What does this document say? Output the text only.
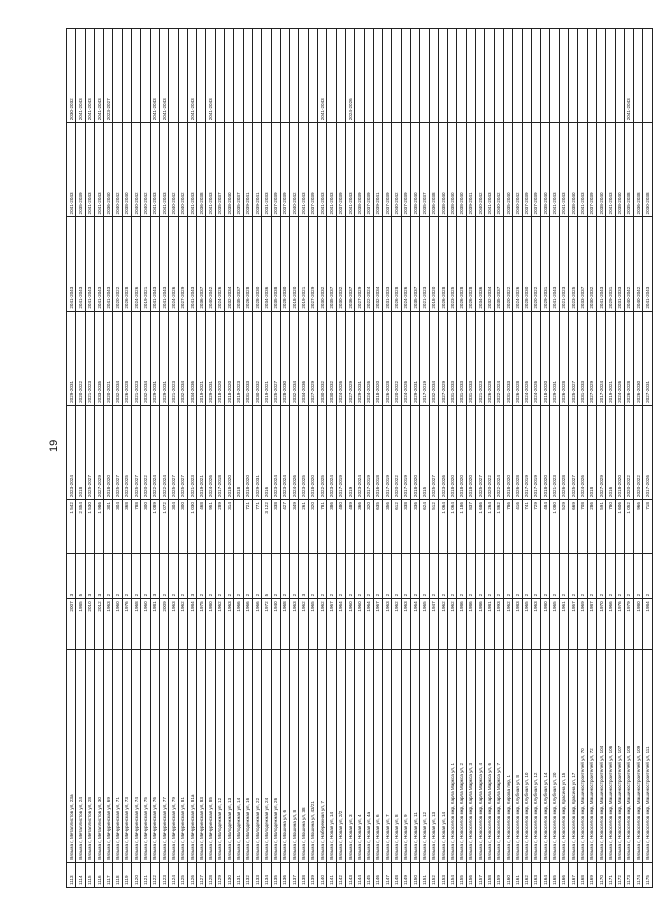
19
1113	Вязьма г, Металлистов ул, 23а	2007	3	1 542	2023-2024	2029-2031	2041-2043	2041-2043	2030-2032
1114	Вязьма г, Металлистов ул, 24	1985	5	2 854	2018	2020-2022	2041-2043	2035-2039	2041-2043
1115	Вязьма г, Металлистов ул, 28	2010	3	1 530	2025-2027	2021-2023	2041-2043	2041-2043	2041-2043
1116	Вязьма г, Металлистов ул, 30	2012	3	1 986	2027-2029	2033-2035	2041-2043	2041-2043	2041-2043
1117	Вязьма г, Мичуринская ул, 69	1963	2	301	2018-2020	2020-2021	2041-2043	2036-2040	2023-2027
1118	Вязьма г, Мичуринская ул, 71	1960	2	304	2025-2027	2032-2034	2020-2022	2040-2042	
1119	Вязьма г, Мичуринская ул, 73	1976	2	368	2023-2025	2026-2028	2026-2028	2038-2040	
1120	Вязьма г, Мичуринская ул, 74	1968	2	788	2025-2027	2021-2023	2024-2026	2040-2042	
1121	Вязьма г, Мичуринская ул, 75	1960	2	300	2020-2022	2032-2034	2019-2021	2040-2042	
1122	Вязьма г, Мичуринская ул, 76	1981	3	1 089	2022-2024	2029-2031	2041-2043	2041-2043	2041-2043
1123	Вязьма г, Мичуринская ул, 77	2009	2	1 072	2022-2024	2029-2031	2041-2043	2041-2043	2041-2043
1124	Вязьма г, Мичуринская ул, 79	1963	2	304	2025-2027	2021-2023	2024-2026	2040-2042	
1125	Вязьма г, Мичуринская ул, 81	1962	2	300	2025-2027	2032-2034	2027-2029	2040-2042	
1126	Вязьма г, Мичуринская ул, 81а	1984	3	1 030	2021-2023	2034-2036	2041-2043	2041-2043	2041-2043
1127	Вязьма г, Мичуринская ул, 83	1975	2	468	2019-2021	2019-2021	2036-2037	2036-2038	
1128	Вязьма г, Мичуринская ул, 85	1980	2	951	2024-2026	2029-2031	2040-2042	2041-2043	2041-2043
1129	Вязьма г, Молодежная ул, 12	1962	2	289	2017-2018	2018-2020	2024-2026	2035-2037	
1130	Вязьма г, Молодежная ул, 13	1963	2	314	2018-2020	2018-2020	2032-2034	2038-2040	
1131	Вязьма г, Молодежная ул, 14	1966	2		2018	2019-2023	2035-2037	2035-2037	
1132	Вязьма г, Молодежная ул, 16	1966	2	721	2018-2020	2031-2033	2026-2028	2039-2041	
1133	Вязьма г, Молодежная ул, 22	1966	2	771	2029-2031	2030-2032	2028-2030	2039-2041	
1134	Вязьма г, Молодежная ул, 24	1972	5	3 122	2016	2019-2021	2034-2036	2031-2033	
1135	Вязьма г, Молодежная ул, 26	1940	2	338	2023-2024	2025-2027	2035-2038	2037-2039	
1136	Вязьма г, Мошина ул, 6	1968	2	427	2023-2024	2028-2030	2028-2030	2037-2039	
1137	Вязьма г, Мошина ул, 8	1963	2	349	2024-2026	2032-2034	2018-2020	2040-2042	
1138	Вязьма г, Мошина ул, 38	1962	3	261	2023-2025	2034-2036	2019-2021	2041-2043	
1139	Вязьма г, Мошина ул, 43/21	1965	2	320	2018-2020	2027-2029	2027-2029	2037-2039	
1140	Вязьма г, Набережная ул, 7	1962	2	781	2022-2025	2030-2032	2030-2032	2041-2043	2041-2043
1141	Вязьма г, Новая ул, 14	1967	2	386	2023-2024	2030-2032	2035-2037	2041-2043	
1142	Вязьма г, Новая ул, 2/2	1964	2	480	2017-2019	2024-2026	2030-2032	2037-2039	
1143	Вязьма г, Новая ул, 3	1960	2	489	2019	2027-2029	2036-2037	2041-2043	2024-2026
1144	Вязьма г, Новая ул, 4	1960	2	366	2023-2024	2029-2031	2027-2029	2038-2039	
1145	Вязьма г, Новая ул, 4а	1964	2	320	2017-2019	2024-2026	2022-2024	2037-2039	
1146	Вязьма г, Новая ул, 6	1967	2	635	2016-2018	2018-2020	2032-2034	2039-2041	
1147	Вязьма г, Новая ул, 7	1963	2	356	2017-2019	2026-2028	2031-2033	2037-2039	
1148	Вязьма г, Новая ул, 8	1962	2	612	2020-2022	2020-2022	2026-2028	2040-2042	
1149	Вязьма г, Новая ул, 9	1963	2	338	2017-2019	2024-2026	2024-2026	2037-2039	
1150	Вязьма г, Новая ул, 11	1964	2	336	2018-2020	2029-2031	2035-2037	2038-2040	
1151	Вязьма г, Новая ул, 12	1965	2	624	2015	2017-2019	2021-2023	2035-2037	
1152	Вязьма г, Новая ул, 13	1947	2	512	2025-2027	2032-2034	2018-2020	2036-2038	
1153	Вязьма г, Новая ул, 14	1962	2	1 064	2023-2026	2027-2029	2026-2028	2038-2040	
1154	Вязьма г, Новоселов мкр, Карла Маркса ул, 1	1962	2	1 064	2018-2020	2031-2033	2023-2025	2038-2040	
1155	Вязьма г, Новоселов мкр, Карла Маркса ул, 2	1986	2	1 186	2018-2020	2031-2033	2026-2028	2038-2040	
1156	Вязьма г, Новоселов мкр, Карла Маркса ул, 3	1986	2	837	2018-2020	2031-2033	2026-2028	2039-2041	
1157	Вязьма г, Новоселов мкр, Карла Маркса ул, 4	1986	2	1 686	2025-2027	2021-2023	2034-2036	2040-2042	
1158	Вязьма г, Новоселов мкр, Карла Маркса ул, 6	1981	2	1 264	2020-2022	2026-2028	2032-2034	2041-2043	
1159	Вязьма г, Новоселов мкр, Карла Маркса ул, 7	1993	2	1 862	2022-2024	2022-2024	2035-2037	2040-2042	
1160	Вязьма г, Новоселов мкр, Кирова пер, 1	1962	2	786	2018-2020	2031-2033	2020-2022	2035-2040	
1161	Вязьма г, Новоселов мкр, Клубная ул, 8	1983	2	416	2026-2028	2026-2028	2024-2026	2040-2042	
1162	Вязьма г, Новоселов мкр, Клубная ул, 10	1965	2	741	2017-2019	2024-2026	2028-2030	2037-2039	
1163	Вязьма г, Новоселов мкр, Клубная ул, 12	1963	2	729	2017-2019	2024-2026	2020-2022	2037-2039	
1164	Вязьма г, Новоселов мкр, Клубная ул, 14	1980	2	484	2018-2020	2018-2020	2029-2031	2038-2040	
1165	Вязьма г, Новоселов мкр, Клубная ул, 20	1965	2	1 080	2021-2023	2029-2031	2041-2043	2041-2043	
1166	Вязьма г, Новоселов мкр, Красина ул, 15	1961	2	529	2026-2028	2026-2028	2021-2023	2041-2043	
1167	Вязьма г, Новоселов мкр, Красина ул, 17	1957	2	669	2025-2027	2025-2027	2023-2025	2038-2040	
1168	Вязьма г, Новоселов мкр, Машиностроителей ул, 70	1969	2	708	2024-2026	2031-2033	2033-2037	2041-2043	
1169	Вязьма г, Новоселов мкр, Машиностроителей ул, 72	1987	2	286	2018	2027-2029	2030-2032	2037-2039	
1170	Вязьма г, Новоселов мкр, Машиностроителей ул, 104	1970	2	591	2027-2029	2017-2024	2041-2043	2038-2040	
1171	Вязьма г, Новоселов мкр, Машиностроителей ул, 106	1966	2	780	2016	2019-2021	2029-2031	2041-2043	
1172	Вязьма г, Новоселов мкр, Машиностроителей ул, 107	1976	2	1 606	2018-2020	2024-2026	2031-2033	2038-2040	
1173	Вязьма г, Новоселов мкр, Машиностроителей ул, 108	1979	2	1 052	2020-2022	2026-2028	2040-2042	2035-2038	2041-2043
1174	Вязьма г, Новоселов мкр, Машиностроителей ул, 109	1980	2	966	2020-2022	2026-2030	2040-2042	2036-2038	
1175	Вязьма г, Новоселов мкр, Машиностроителей ул, 111	1984	2	718	2017-2026	2027-2031	2041-2043	2030-2038	
